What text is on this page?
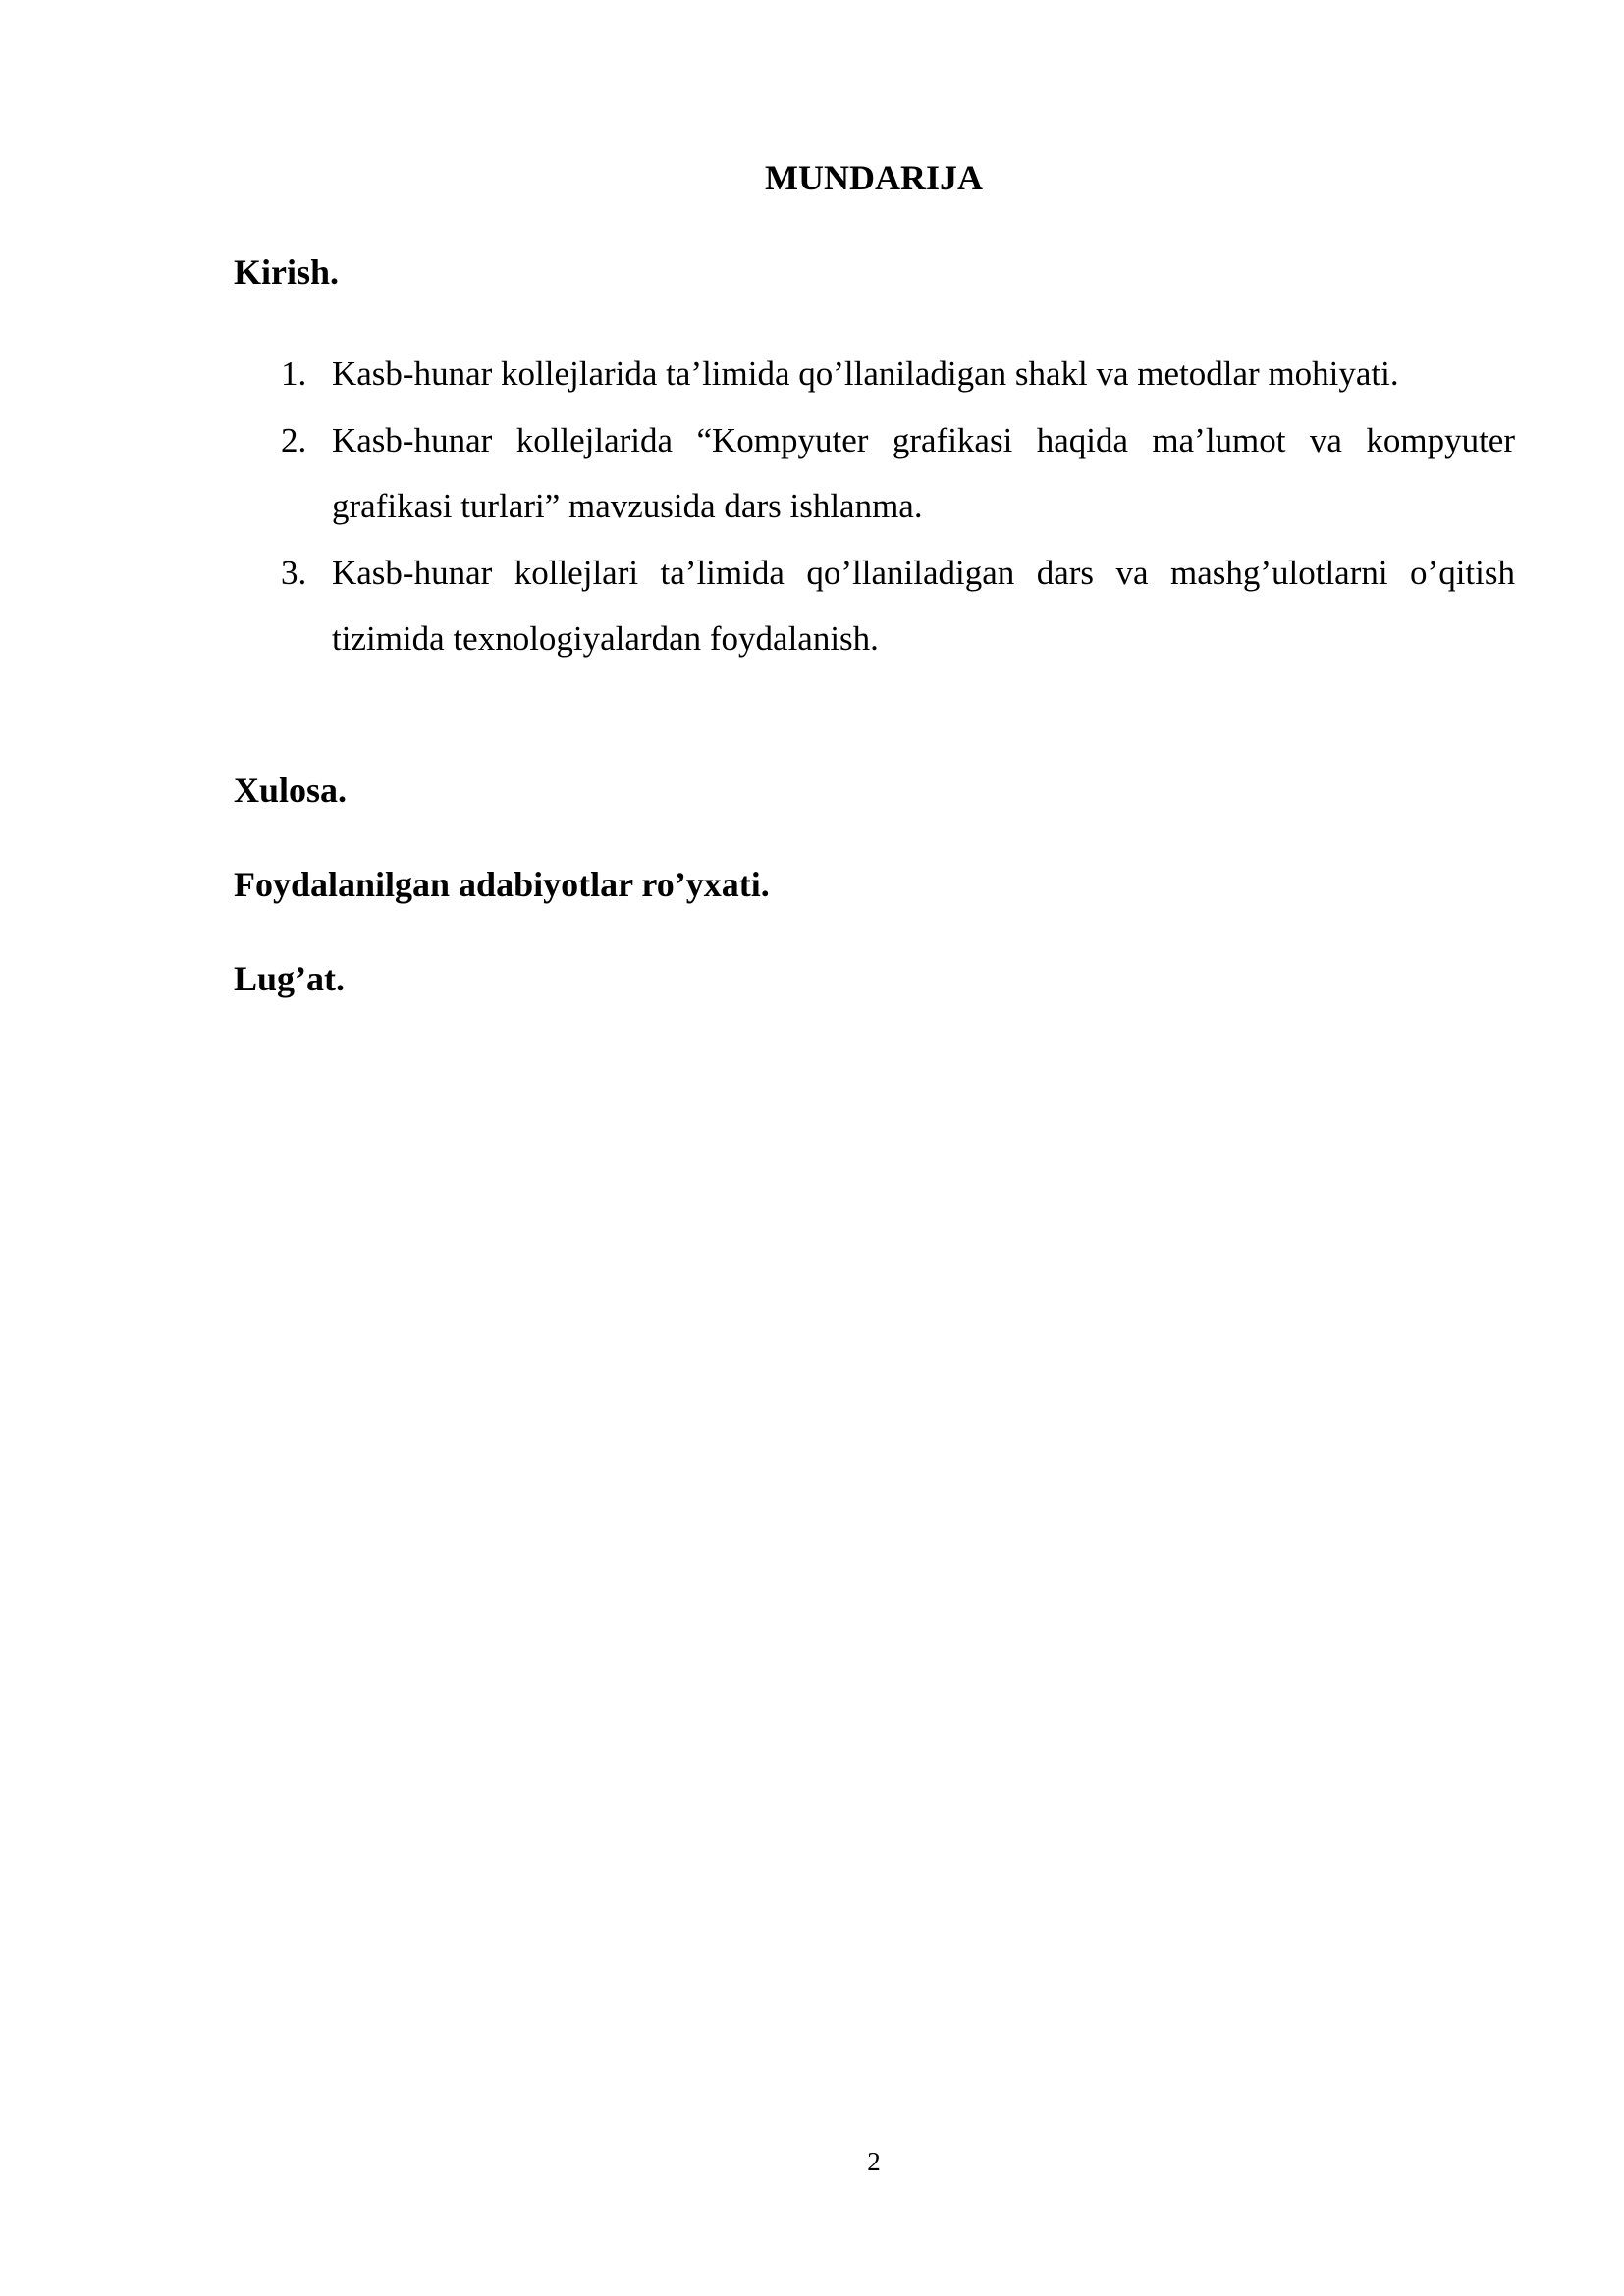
MUNDARIJA

Kirish.

1. Kasb-hunar kollejlarida ta’limida qo’llaniladigan shakl va metodlar mohiyati.
2. Kasb-hunar kollejlarida “Kompyuter grafikasi haqida ma’lumot va kompyuter grafikasi turlari” mavzusida dars ishlanma.
3. Kasb-hunar kollejlari ta’limida qo’llaniladigan dars va mashg’ulotlarni o’qitish tizimida texnologiyalardan foydalanish.

Xulosa.

Foydalanilgan adabiyotlar ro’yxati.

Lug’at.

2
